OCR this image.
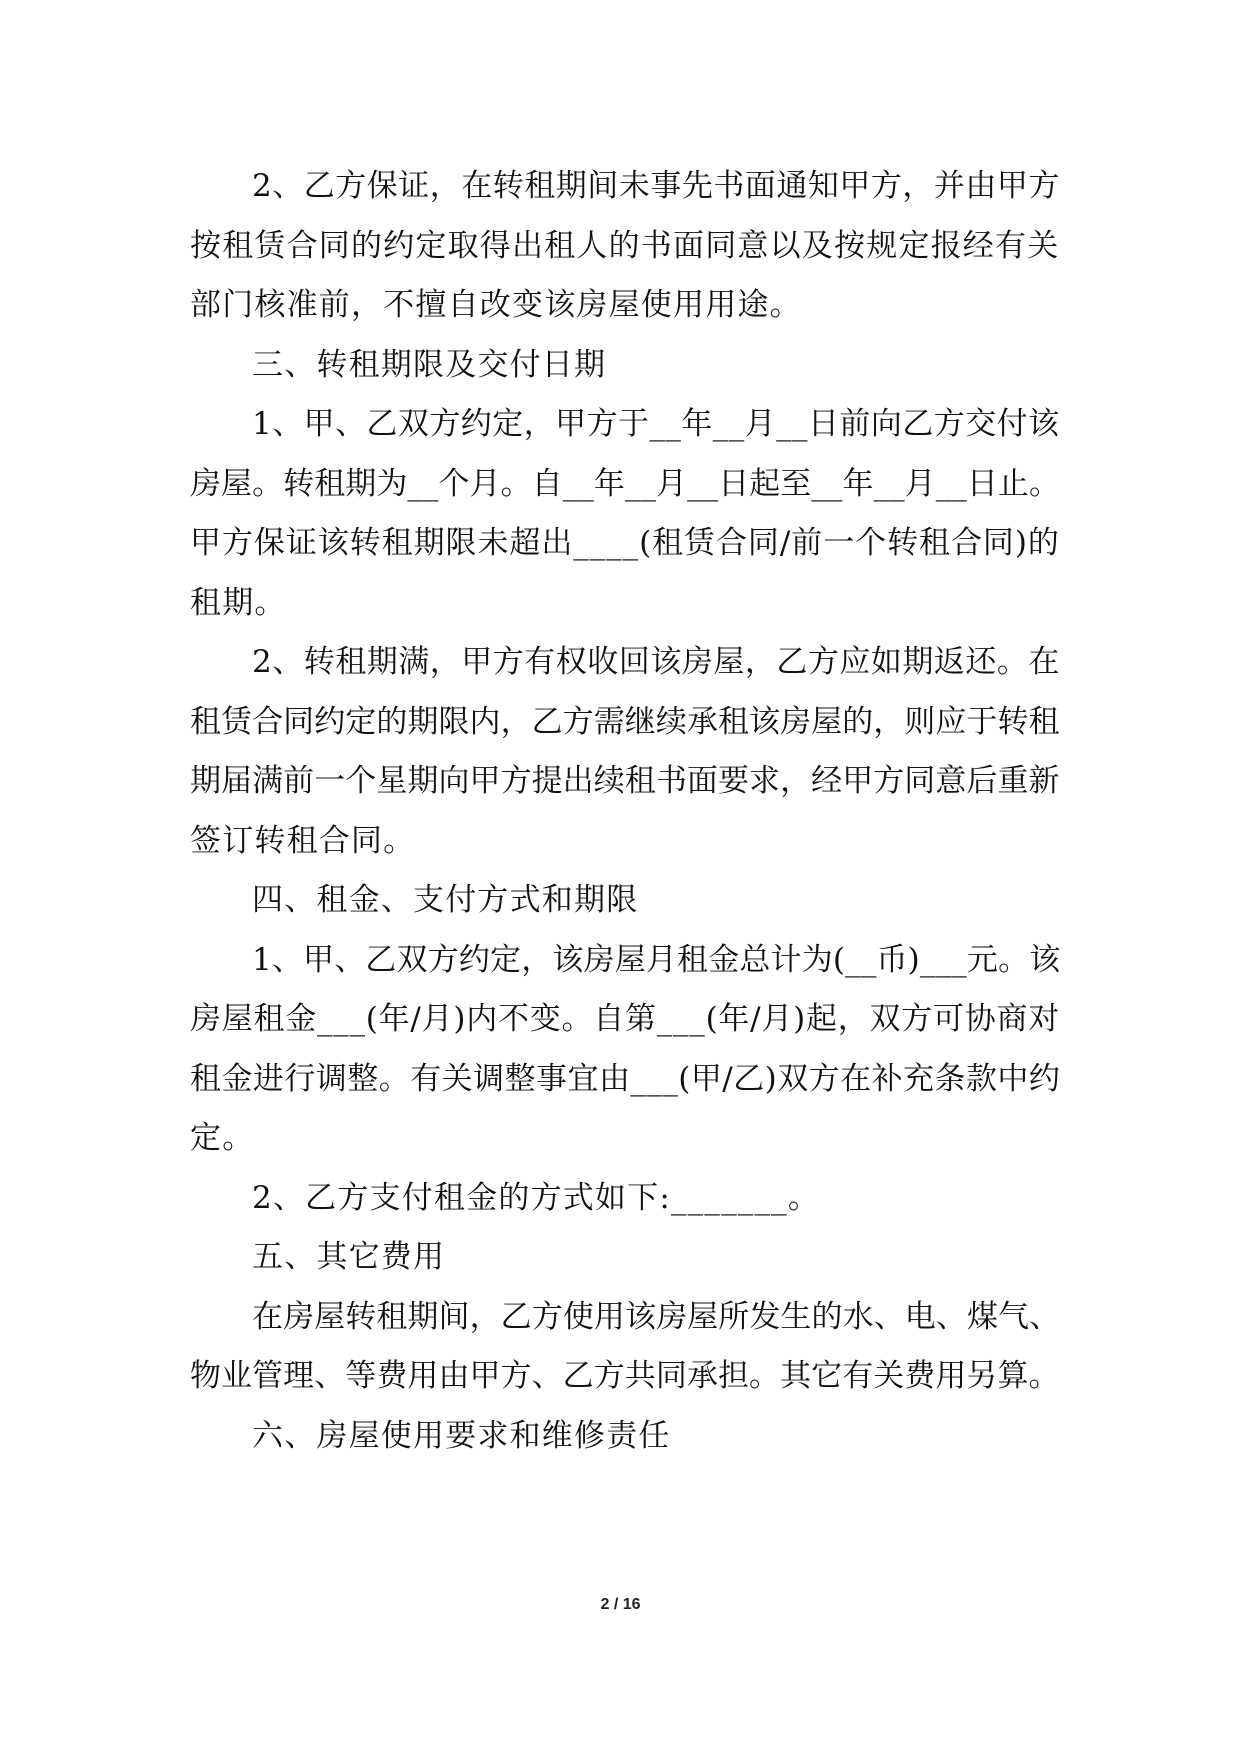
2、乙方保证，在转租期间未事先书面通知甲方，并由甲方

按租赁合同的约定取得出租人的书面同意以及按规定报经有关

部门核准前，不擅自改变该房屋使用用途。

三、转租期限及交付日期

1、甲、乙双方约定，甲方于__年__月__日前向乙方交付该

房屋。转租期为__个月。自__年__月__日起至__年__月__日止。

甲方保证该转租期限未超出____(租赁合同/前一个转租合同)的

租期。

2、转租期满，甲方有权收回该房屋，乙方应如期返还。在

租赁合同约定的期限内，乙方需继续承租该房屋的，则应于转租

期届满前一个星期向甲方提出续租书面要求，经甲方同意后重新

签订转租合同。

四、租金、支付方式和期限

1、甲、乙双方约定，该房屋月租金总计为(__币)___元。该

房屋租金___(年/月)内不变。自第___(年/月)起，双方可协商对

租金进行调整。有关调整事宜由___(甲/乙)双方在补充条款中约

定。

2、乙方支付租金的方式如下:_______。

五、其它费用

在房屋转租期间，乙方使用该房屋所发生的水、电、煤气、

物业管理、等费用由甲方、乙方共同承担。其它有关费用另算。

六、房屋使用要求和维修责任

2 / 16
